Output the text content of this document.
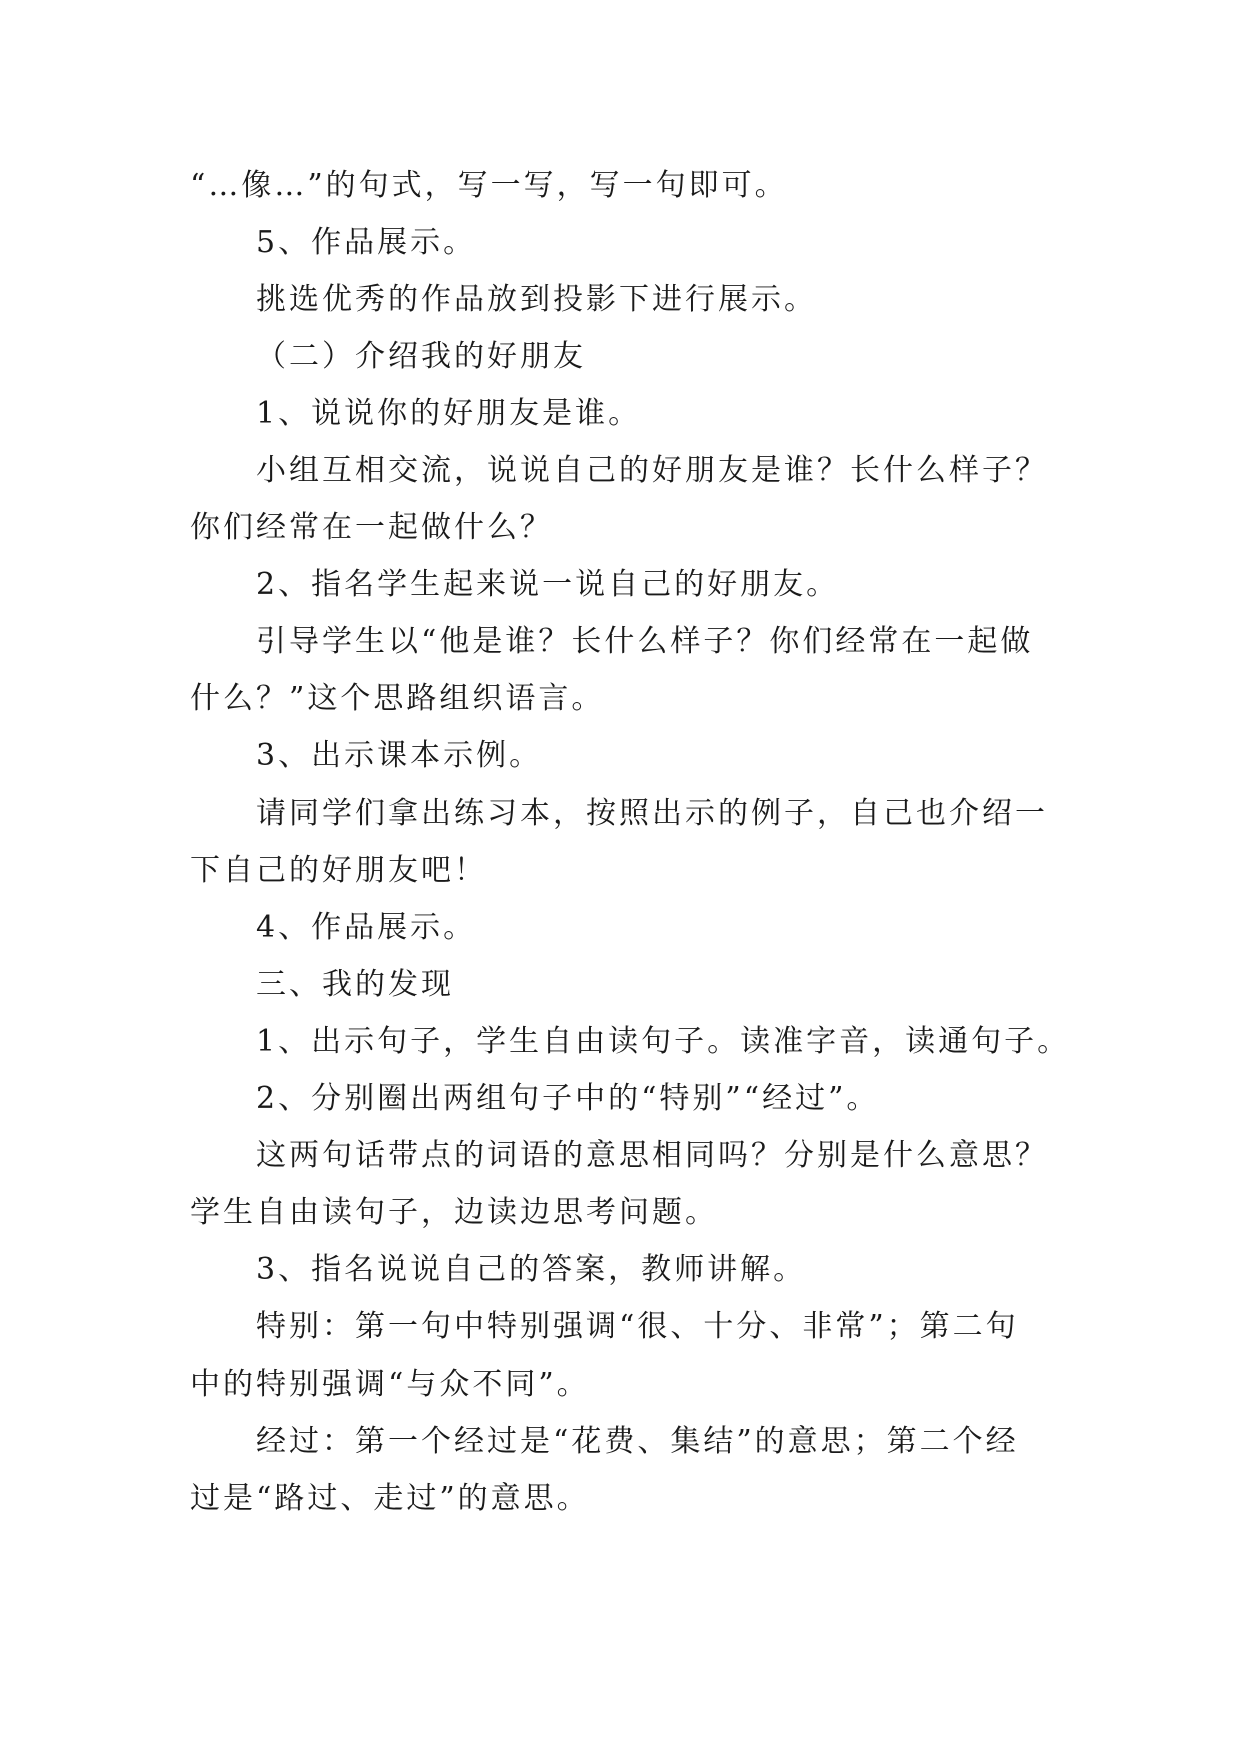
“…像…”的句式，写一写，写一句即可。
5、作品展示。
挑选优秀的作品放到投影下进行展示。
（二）介绍我的好朋友
1、说说你的好朋友是谁。
小组互相交流，说说自己的好朋友是谁？长什么样子？
你们经常在一起做什么？
2、指名学生起来说一说自己的好朋友。
引导学生以“他是谁？长什么样子？你们经常在一起做
什么？”这个思路组织语言。
3、出示课本示例。
请同学们拿出练习本，按照出示的例子，自己也介绍一
下自己的好朋友吧！
4、作品展示。
三、我的发现
1、出示句子，学生自由读句子。读准字音，读通句子。
2、分别圈出两组句子中的“特别”“经过”。
这两句话带点的词语的意思相同吗？分别是什么意思？
学生自由读句子，边读边思考问题。
3、指名说说自己的答案，教师讲解。
特别：第一句中特别强调“很、十分、非常”；第二句
中的特别强调“与众不同”。
经过：第一个经过是“花费、集结”的意思；第二个经
过是“路过、走过”的意思。
